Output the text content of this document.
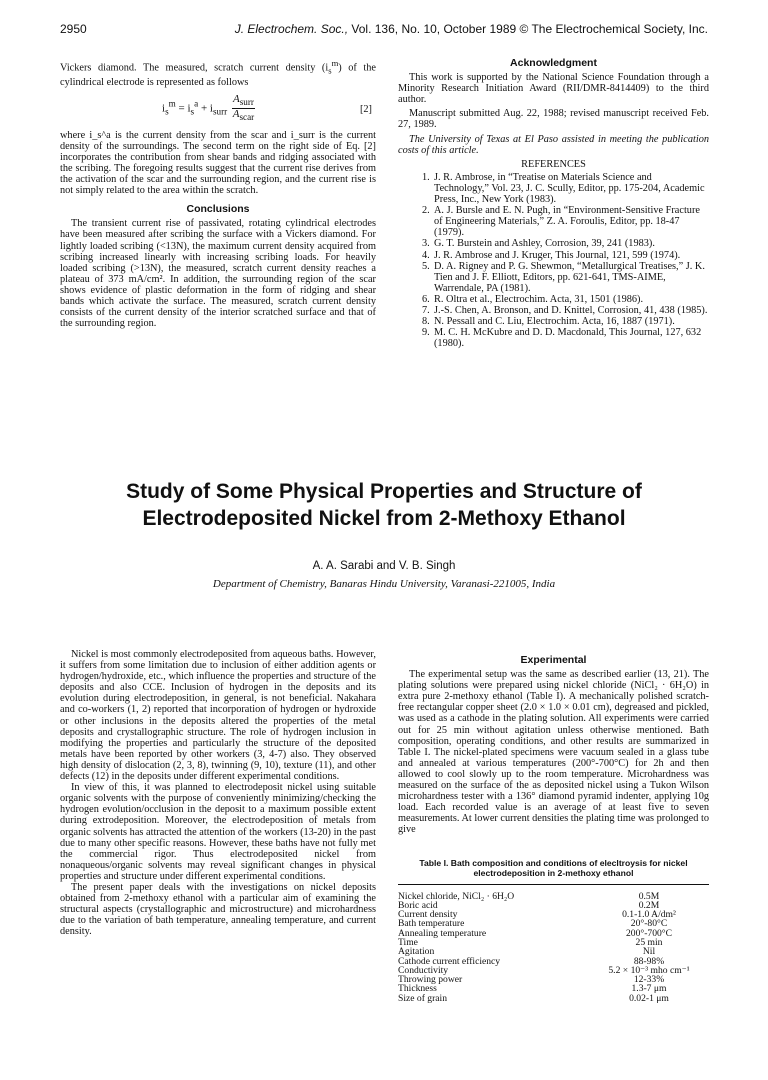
2950	J. Electrochem. Soc., Vol. 136, No. 10, October 1989 © The Electrochemical Society, Inc.

Vickers diamond. The measured, scratch current density $(i_s^m)$ of the cylindrical electrode is represented as follows

$i_s^m = i_s^a + i_{surr} \frac{A_{surr}}{A_{scar}}$	[2]

where i_s^a is the current density from the scar and i_surr is the current density of the surroundings. The second term on the right side of Eq. [2] incorporates the contribution from shear bands and ridging associated with the scribing. The foregoing results suggest that the current rise derives from the activation of the scar and the surrounding region, and the current rise is not simply related to the area within the scratch.

Conclusions

The transient current rise of passivated, rotating cylindrical electrodes have been measured after scribing the surface with a Vickers diamond. For lightly loaded scribing (<13N), the maximum current density acquired from scribing increased linearly with increasing scribing loads. For heavily loaded scribing (>13N), the measured, scratch current density reaches a plateau of 373 mA/cm². In addition, the surrounding region of the scar shows evidence of plastic deformation in the form of ridging and shear bands which activate the surface. The measured, scratch current density consists of the current density of the interior scratched surface and that of the surrounding region.

Acknowledgment

This work is supported by the National Science Foundation through a Minority Research Initiation Award (RII/DMR-8414409) to the third author.

Manuscript submitted Aug. 22, 1988; revised manuscript received Feb. 27, 1989.

The University of Texas at El Paso assisted in meeting the publication costs of this article.

REFERENCES
1. J. R. Ambrose, in “Treatise on Materials Science and Technology,” Vol. 23, J. C. Scully, Editor, pp. 175-204, Academic Press, Inc., New York (1983).
2. A. J. Bursle and E. N. Pugh, in “Environment-Sensitive Fracture of Engineering Materials,” Z. A. Foroulis, Editor, pp. 18-47 (1979).
3. G. T. Burstein and Ashley, Corrosion, 39, 241 (1983).
4. J. R. Ambrose and J. Kruger, This Journal, 121, 599 (1974).
5. D. A. Rigney and P. G. Shewmon, “Metallurgical Treatises,” J. K. Tien and J. F. Elliott, Editors, pp. 621-641, TMS-AIME, Warrendale, PA (1981).
6. R. Oltra et al., Electrochim. Acta, 31, 1501 (1986).
7. J.-S. Chen, A. Bronson, and D. Knittel, Corrosion, 41, 438 (1985).
8. N. Pessall and C. Liu, Electrochim. Acta, 16, 1887 (1971).
9. M. C. H. McKubre and D. D. Macdonald, This Journal, 127, 632 (1980).
Study of Some Physical Properties and Structure of
Electrodeposited Nickel from 2-Methoxy Ethanol
A. A. Sarabi and V. B. Singh
Department of Chemistry, Banaras Hindu University, Varanasi-221005, India

Nickel is most commonly electrodeposited from aqueous baths. However, it suffers from some limitation due to inclusion of either addition agents or hydrogen/hydroxide, etc., which influence the properties and structure of the deposits and also CCE. Inclusion of hydrogen in the deposits and its evolution during electrodeposition, in general, is not beneficial. Nakahara and co-workers (1, 2) reported that incorporation of hydrogen or hydroxide or other inclusions in the deposits altered the properties of the metal deposits and crystallographic structure. The role of hydrogen inclusion in modifying the properties and particularly the structure of the deposited metals have been reported by other workers (3, 4-7) also. They observed high density of dislocation (2, 3, 8), twinning (9, 10), texture (11), and other defects (12) in the deposits under different experimental conditions.

In view of this, it was planned to electrodeposit nickel using suitable organic solvents with the purpose of conveniently minimizing/checking the hydrogen evolution/occlusion in the deposit to a maximum possible extent during extrodeposition. Moreover, the electrodeposition of metals from organic solvents has attracted the attention of the workers (13-20) in the past due to many other specific reasons. However, these baths have not fully met the commercial rigor. Thus electrodeposited nickel from nonaqueous/organic solvents may reveal significant changes in physical properties and structure under different experimental conditions.

The present paper deals with the investigations on nickel deposits obtained from 2-methoxy ethanol with a particular aim of examining the structural aspects (crystallographic and microstructure) and microhardness due to the variation of bath temperature, annealing temperature, and current density.

Experimental

The experimental setup was the same as described earlier (13, 21). The plating solutions were prepared using nickel chloride (NiCl₂ · 6H₂O) in extra pure 2-methoxy ethanol (Table I). A mechanically polished scratch-free rectangular copper sheet (2.0 × 1.0 × 0.01 cm), degreased and pickled, was used as a cathode in the plating solution. All experiments were carried out for 25 min without agitation unless otherwise mentioned. Bath composition, operating conditions, and other results are summarized in Table I. The nickel-plated specimens were vacuum sealed in a glass tube and annealed at various temperatures (200°-700°C) for 2h and then allowed to cool slowly up to the room temperature. Microhardness was measured on the surface of the as deposited nickel using a Tukon Wilson microhardness tester with a 136° diamond pyramid indenter, applying 10g load. Each recorded value is an average of at least five to seven measurements. At lower current densities the plating time was prolonged to give

Table I. Bath composition and conditions of elecltroysis for nickel electrodeposition in 2-methoxy ethanol
Nickel chloride, NiCl₂ · 6H₂O	0.5M
Boric acid	0.2M
Current density	0.1-1.0 A/dm²
Bath temperature	20°-80°C
Annealing temperature	200°-700°C
Time	25 min
Agitation	Nil
Cathode current efficiency	88-98%
Conductivity	5.2 × 10⁻³ mho cm⁻¹
Throwing power	12-33%
Thickness	1.3-7 μm
Size of grain	0.02-1 μm
